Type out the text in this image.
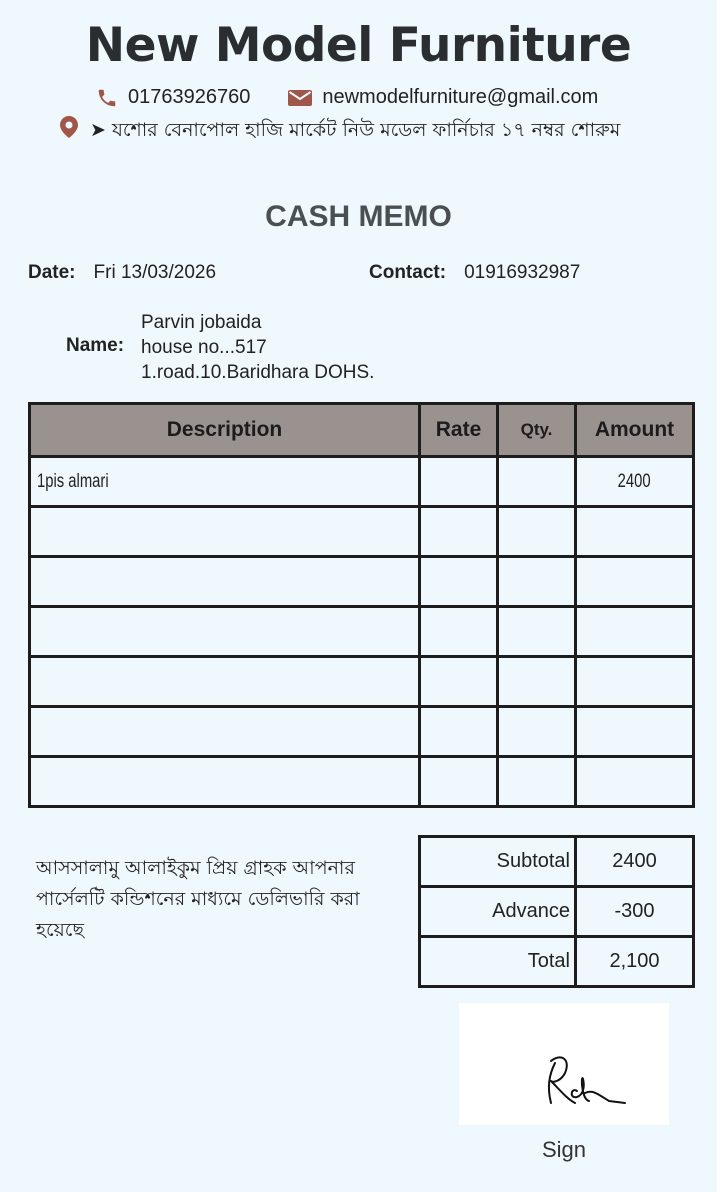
New Model Furniture
01763926760	newmodelfurniture@gmail.com
➤ যশোর বেনাপোল হাজি মার্কেট নিউ মডেল ফার্নিচার ১৭ নম্বর শোরুম
CASH MEMO
Date: Fri 13/03/2026	Contact: 01916932987
Name:
Parvin jobaida
house no...517
1.road.10.Baridhara DOHS.
Description	Rate	Qty.	Amount
1pis almari			2400

আসসালামু আলাইকুম প্রিয় গ্রাহক আপনার পার্সেলটি কন্ডিশনের মাধ্যমে ডেলিভারি করা হয়েছে
Subtotal	2400
Advance	-300
Total	2,100
Sign
